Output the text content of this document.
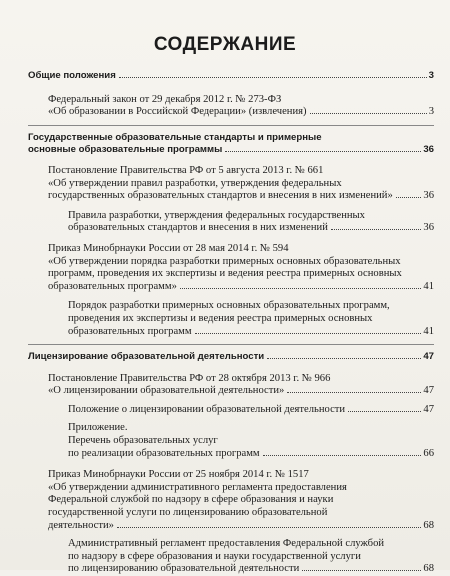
СОДЕРЖАНИЕ
Общие положения	3
Федеральный закон от 29 декабря 2012 г. № 273-ФЗ
«Об образовании в Российской Федерации» (извлечения)	3
Государственные образовательные стандарты и примерные
основные образовательные программы	36
Постановление Правительства РФ от 5 августа 2013 г. № 661
«Об утверждении правил разработки, утверждения федеральных
государственных образовательных стандартов и внесения в них изменений»	36
Правила разработки, утверждения федеральных государственных
образовательных стандартов и внесения в них изменений	36
Приказ Минобрнауки России от 28 мая 2014 г. № 594
«Об утверждении порядка разработки примерных основных образовательных
программ, проведения их экспертизы и ведения реестра примерных основных
образовательных программ»	41
Порядок разработки примерных основных образовательных программ,
проведения их экспертизы и ведения реестра примерных основных
образовательных программ	41
Лицензирование образовательной деятельности	47
Постановление Правительства РФ от 28 октября 2013 г. № 966
«О лицензировании образовательной деятельности»	47
Положение о лицензировании образовательной деятельности	47
Приложение.
Перечень образовательных услуг
по реализации образовательных программ	66
Приказ Минобрнауки России от 25 ноября 2014 г. № 1517
«Об утверждении административного регламента предоставления
Федеральной службой по надзору в сфере образования и науки
государственной услуги по лицензированию образовательной
деятельности»	68
Административный регламент предоставления Федеральной службой
по надзору в сфере образования и науки государственной услуги
по лицензированию образовательной деятельности	68
